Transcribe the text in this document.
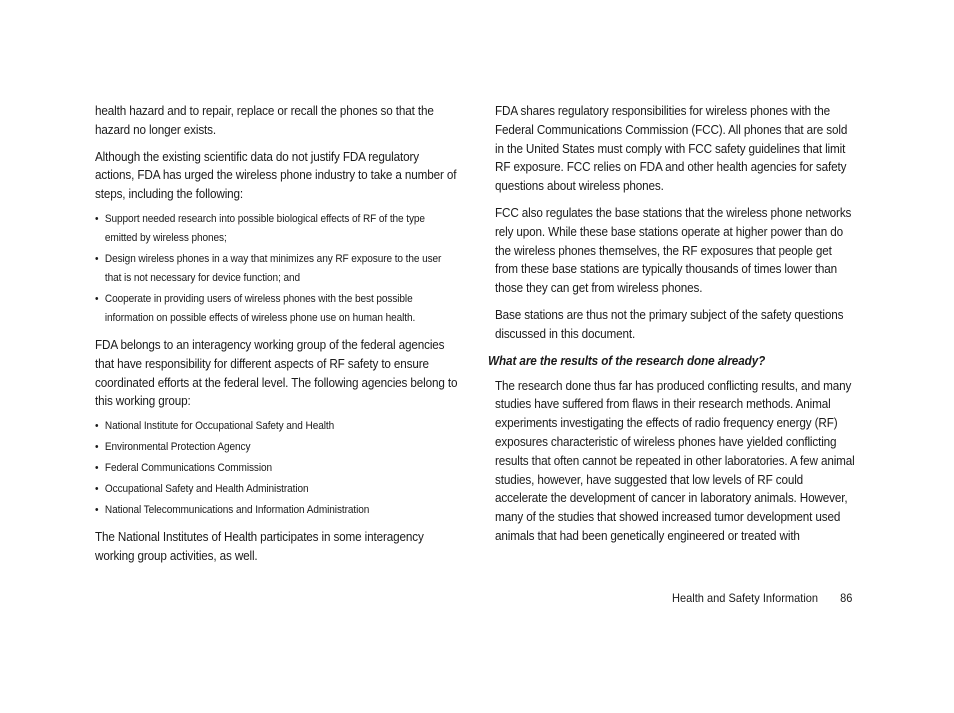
health hazard and to repair, replace or recall the phones so that the hazard no longer exists.

Although the existing scientific data do not justify FDA regulatory actions, FDA has urged the wireless phone industry to take a number of steps, including the following:

• Support needed research into possible biological effects of RF of the type emitted by wireless phones;
• Design wireless phones in a way that minimizes any RF exposure to the user that is not necessary for device function; and
• Cooperate in providing users of wireless phones with the best possible information on possible effects of wireless phone use on human health.

FDA belongs to an interagency working group of the federal agencies that have responsibility for different aspects of RF safety to ensure coordinated efforts at the federal level. The following agencies belong to this working group:

• National Institute for Occupational Safety and Health
• Environmental Protection Agency
• Federal Communications Commission
• Occupational Safety and Health Administration
• National Telecommunications and Information Administration

The National Institutes of Health participates in some interagency working group activities, as well.

FDA shares regulatory responsibilities for wireless phones with the Federal Communications Commission (FCC). All phones that are sold in the United States must comply with FCC safety guidelines that limit RF exposure. FCC relies on FDA and other health agencies for safety questions about wireless phones.

FCC also regulates the base stations that the wireless phone networks rely upon. While these base stations operate at higher power than do the wireless phones themselves, the RF exposures that people get from these base stations are typically thousands of times lower than those they can get from wireless phones.

Base stations are thus not the primary subject of the safety questions discussed in this document.

What are the results of the research done already?

The research done thus far has produced conflicting results, and many studies have suffered from flaws in their research methods. Animal experiments investigating the effects of radio frequency energy (RF) exposures characteristic of wireless phones have yielded conflicting results that often cannot be repeated in other laboratories. A few animal studies, however, have suggested that low levels of RF could accelerate the development of cancer in laboratory animals. However, many of the studies that showed increased tumor development used animals that had been genetically engineered or treated with

Health and Safety Information 86
